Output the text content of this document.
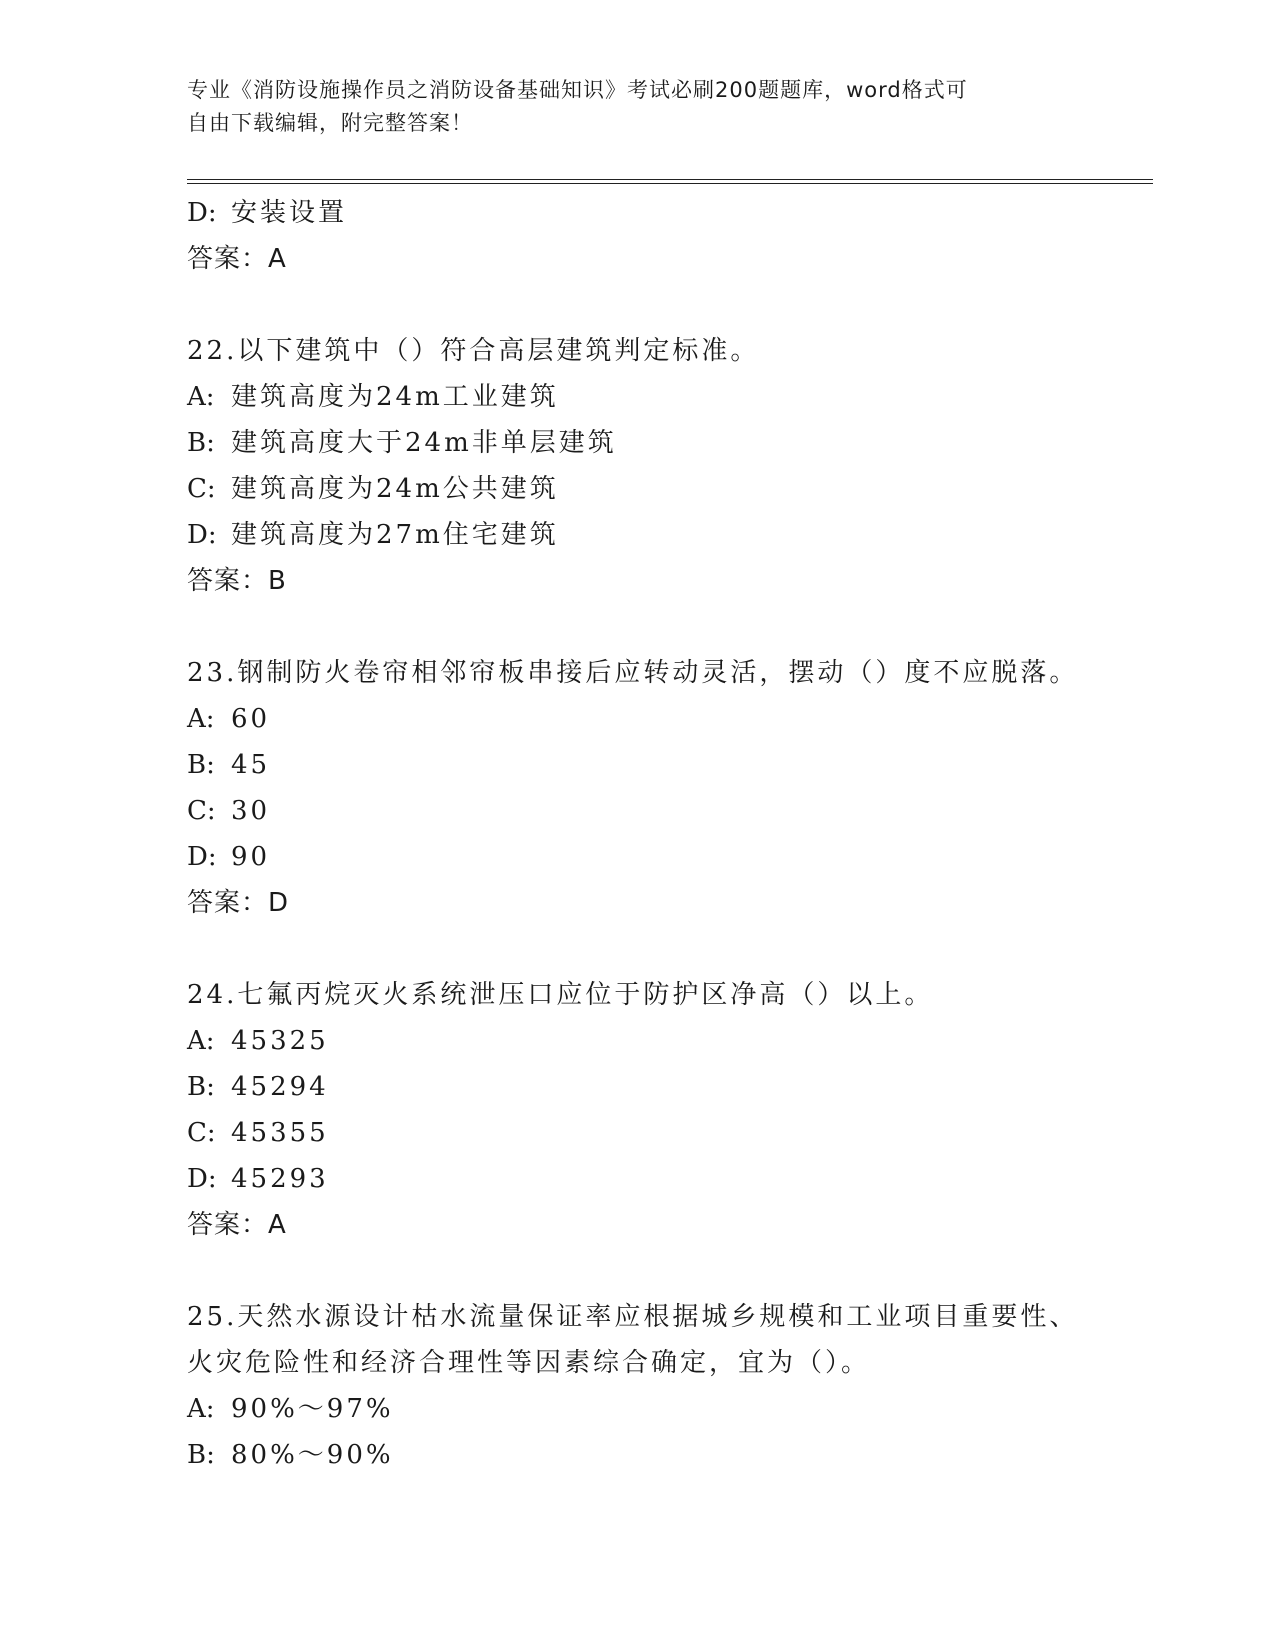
专业《消防设施操作员之消防设备基础知识》考试必刷200题题库，word格式可
自由下载编辑，附完整答案！
D: 安装设置
答案：A
22.以下建筑中（）符合高层建筑判定标准。
A: 建筑高度为24m工业建筑
B: 建筑高度大于24m非单层建筑
C: 建筑高度为24m公共建筑
D: 建筑高度为27m住宅建筑
答案：B
23.钢制防火卷帘相邻帘板串接后应转动灵活，摆动（）度不应脱落。
A: 60
B: 45
C: 30
D: 90
答案：D
24.七氟丙烷灭火系统泄压口应位于防护区净高（）以上。
A: 45325
B: 45294
C: 45355
D: 45293
答案：A
25.天然水源设计枯水流量保证率应根据城乡规模和工业项目重要性、
火灾危险性和经济合理性等因素综合确定，宜为（）。
A: 90%～97%
B: 80%～90%
